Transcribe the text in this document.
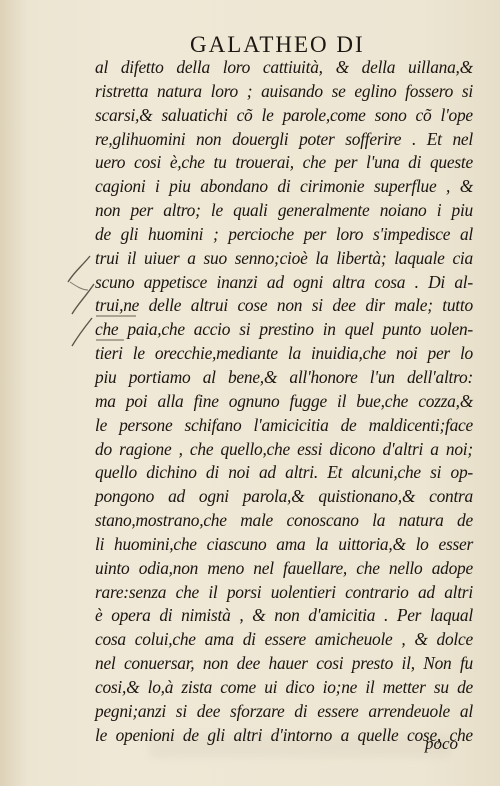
GALATHEO DI
al difetto della loro cattiuità, & della uillana,&
ristretta natura loro ; auisando se eglino fossero si
scarsi,& saluatichi cõ le parole,come sono cõ l'ope
re,glihuomini non douergli poter sofferire . Et nel
uero cosi è,che tu trouerai, che per l'una di queste
cagioni i piu abondano di cirimonie superflue , &
non per altro; le quali generalmente noiano i piu
de gli huomini ; percioche per loro s'impedisce al
trui il uiuer a suo senno;cioè la libertà; laquale cia
scuno appetisce inanzi ad ogni altra cosa . Di al-
trui,ne delle altrui cose non si dee dir male; tutto
che paia,che accio si prestino in quel punto uolen-
tieri le orecchie,mediante la inuidia,che noi per lo
piu portiamo al bene,& all'honore l'un dell'altro:
ma poi alla fine ognuno fugge il bue,che cozza,&
le persone schifano l'amicicitia de maldicenti;face
do ragione , che quello,che essi dicono d'altri a noi;
quello dichino di noi ad altri. Et alcuni,che si op-
pongono ad ogni parola,& quistionano,& contra
stano,mostrano,che male conoscano la natura de
li huomini,che ciascuno ama la uittoria,& lo esser
uinto odia,non meno nel fauellare, che nello adope
rare:senza che il porsi uolentieri contrario ad altri
è opera di nimistà , & non d'amicitia . Per laqual
cosa colui,che ama di essere amicheuole , & dolce
nel conuersar, non dee hauer cosi presto il, Non fu
cosi,& lo,à zista come ui dico io;ne il metter su de
pegni;anzi si dee sforzare di essere arrendeuole al
le openioni de gli altri d'intorno a quelle cose, che
poco
